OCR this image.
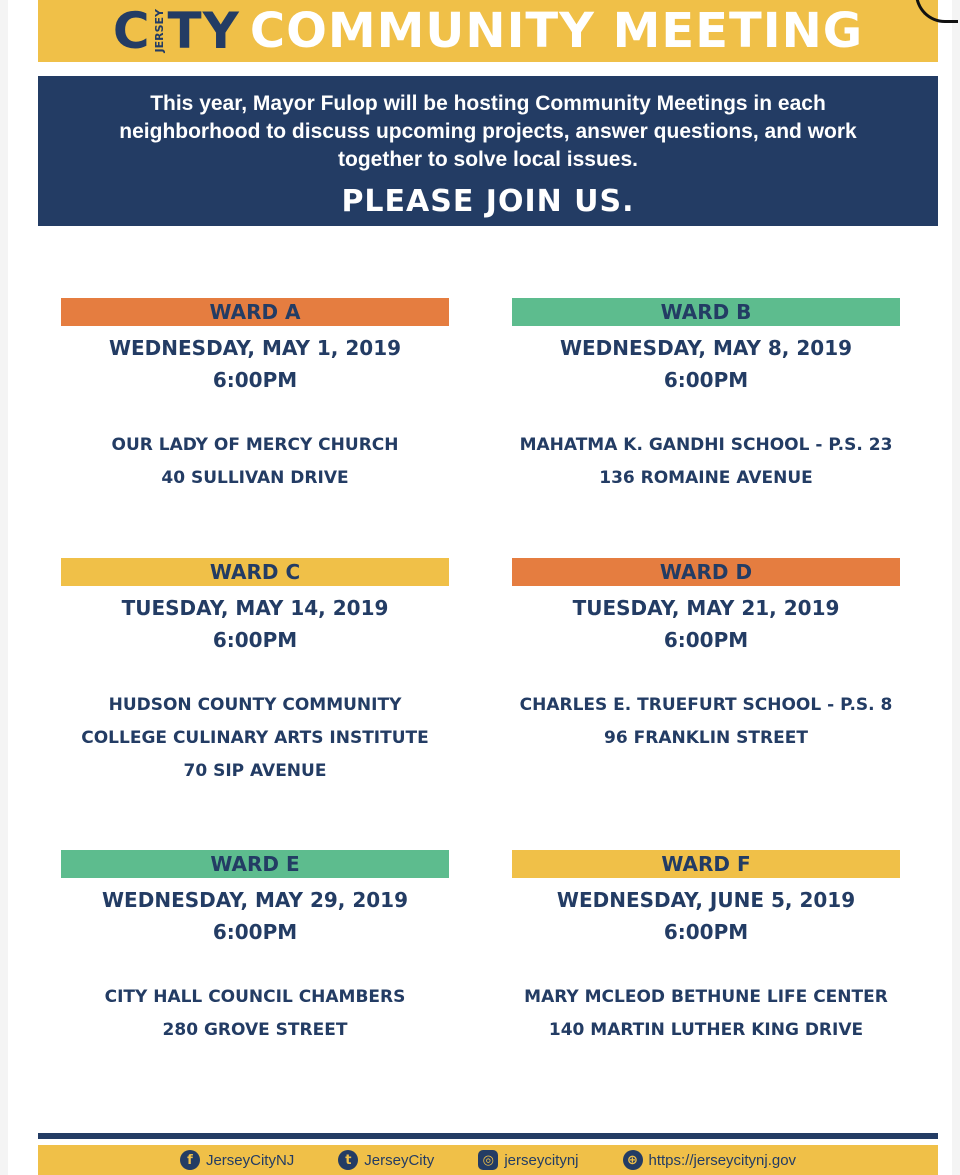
C JERSEY TY COMMUNITY MEETING
This year, Mayor Fulop will be hosting Community Meetings in each neighborhood to discuss upcoming projects, answer questions, and work together to solve local issues.
PLEASE JOIN US.
WARD A
WEDNESDAY, MAY 1, 2019
6:00PM
OUR LADY OF MERCY CHURCH
40 SULLIVAN DRIVE
WARD B
WEDNESDAY, MAY 8, 2019
6:00PM
MAHATMA K. GANDHI SCHOOL - P.S. 23
136 ROMAINE AVENUE
WARD C
TUESDAY, MAY 14, 2019
6:00PM
HUDSON COUNTY COMMUNITY
COLLEGE CULINARY ARTS INSTITUTE
70 SIP AVENUE
WARD D
TUESDAY, MAY 21, 2019
6:00PM
CHARLES E. TRUEFURT SCHOOL - P.S. 8
96 FRANKLIN STREET
WARD E
WEDNESDAY, MAY 29, 2019
6:00PM
CITY HALL COUNCIL CHAMBERS
280 GROVE STREET
WARD F
WEDNESDAY, JUNE 5, 2019
6:00PM
MARY MCLEOD BETHUNE LIFE CENTER
140 MARTIN LUTHER KING DRIVE
f JerseyCityNJ	t JerseyCity	◎ jerseycitynj	⊕ https://jerseycitynj.gov
